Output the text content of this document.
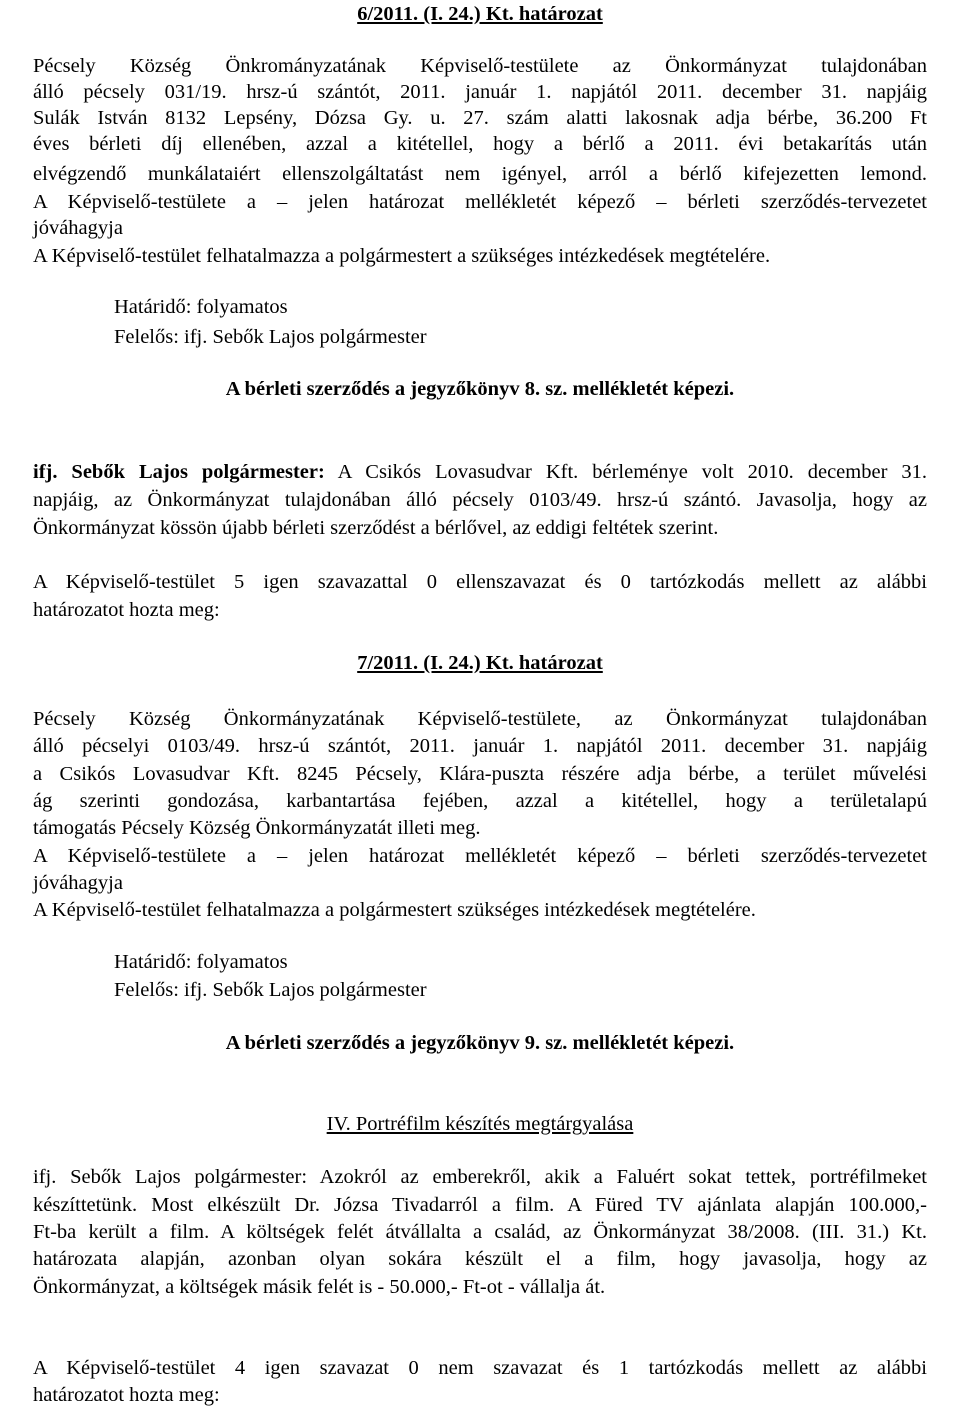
6/2011. (I. 24.) Kt. határozat
Pécsely Község Önkrományzatának Képviselő-testülete az Önkormányzat tulajdonában
álló pécsely 031/19. hrsz-ú szántót, 2011. január 1. napjától 2011. december 31. napjáig
Sulák István 8132 Lepsény, Dózsa Gy. u. 27. szám alatti lakosnak adja bérbe, 36.200 Ft
éves bérleti díj ellenében, azzal a kitétellel, hogy a bérlő a 2011. évi betakarítás után
elvégzendő munkálataiért ellenszolgáltatást nem igényel, arról a bérlő kifejezetten lemond.
A Képviselő-testülete a – jelen határozat mellékletét képező – bérleti szerződés-tervezetet
jóváhagyja
A Képviselő-testület felhatalmazza a polgármestert a szükséges intézkedések megtételére.
Határidő: folyamatos
Felelős: ifj. Sebők Lajos polgármester
A bérleti szerződés a jegyzőkönyv 8. sz. mellékletét képezi.
ifj. Sebők Lajos polgármester: A Csikós Lovasudvar Kft. bérleménye volt 2010. december 31.
napjáig, az Önkormányzat tulajdonában álló pécsely 0103/49. hrsz-ú szántó. Javasolja, hogy az
Önkormányzat kössön újabb bérleti szerződést a bérlővel, az eddigi feltétek szerint.
A Képviselő-testület 5 igen szavazattal 0 ellenszavazat és 0 tartózkodás mellett az alábbi
határozatot hozta meg:
7/2011. (I. 24.) Kt. határozat
Pécsely Község Önkormányzatának Képviselő-testülete, az Önkormányzat tulajdonában
álló pécselyi 0103/49. hrsz-ú szántót, 2011. január 1. napjától 2011. december 31. napjáig
a Csikós Lovasudvar Kft. 8245 Pécsely, Klára-puszta részére adja bérbe, a terület művelési
ág szerinti gondozása, karbantartása fejében, azzal a kitétellel, hogy a területalapú
támogatás Pécsely Község Önkormányzatát illeti meg.
A Képviselő-testülete a – jelen határozat mellékletét képező – bérleti szerződés-tervezetet
jóváhagyja
A Képviselő-testület felhatalmazza a polgármestert szükséges intézkedések megtételére.
Határidő: folyamatos
Felelős: ifj. Sebők Lajos polgármester
A bérleti szerződés a jegyzőkönyv 9. sz. mellékletét képezi.
IV. Portréfilm készítés megtárgyalása
ifj. Sebők Lajos polgármester: Azokról az emberekről, akik a Faluért sokat tettek, portréfilmeket
készíttetünk. Most elkészült Dr. Józsa Tivadarról a film. A Füred TV ajánlata alapján 100.000,-
Ft-ba került a film. A költségek felét átvállalta a család, az Önkormányzat 38/2008. (III. 31.) Kt.
határozata alapján, azonban olyan sokára készült el a film, hogy javasolja, hogy az
Önkormányzat, a költségek másik felét is - 50.000,- Ft-ot - vállalja át.
A Képviselő-testület 4 igen szavazat 0 nem szavazat és 1 tartózkodás mellett az alábbi
határozatot hozta meg:
